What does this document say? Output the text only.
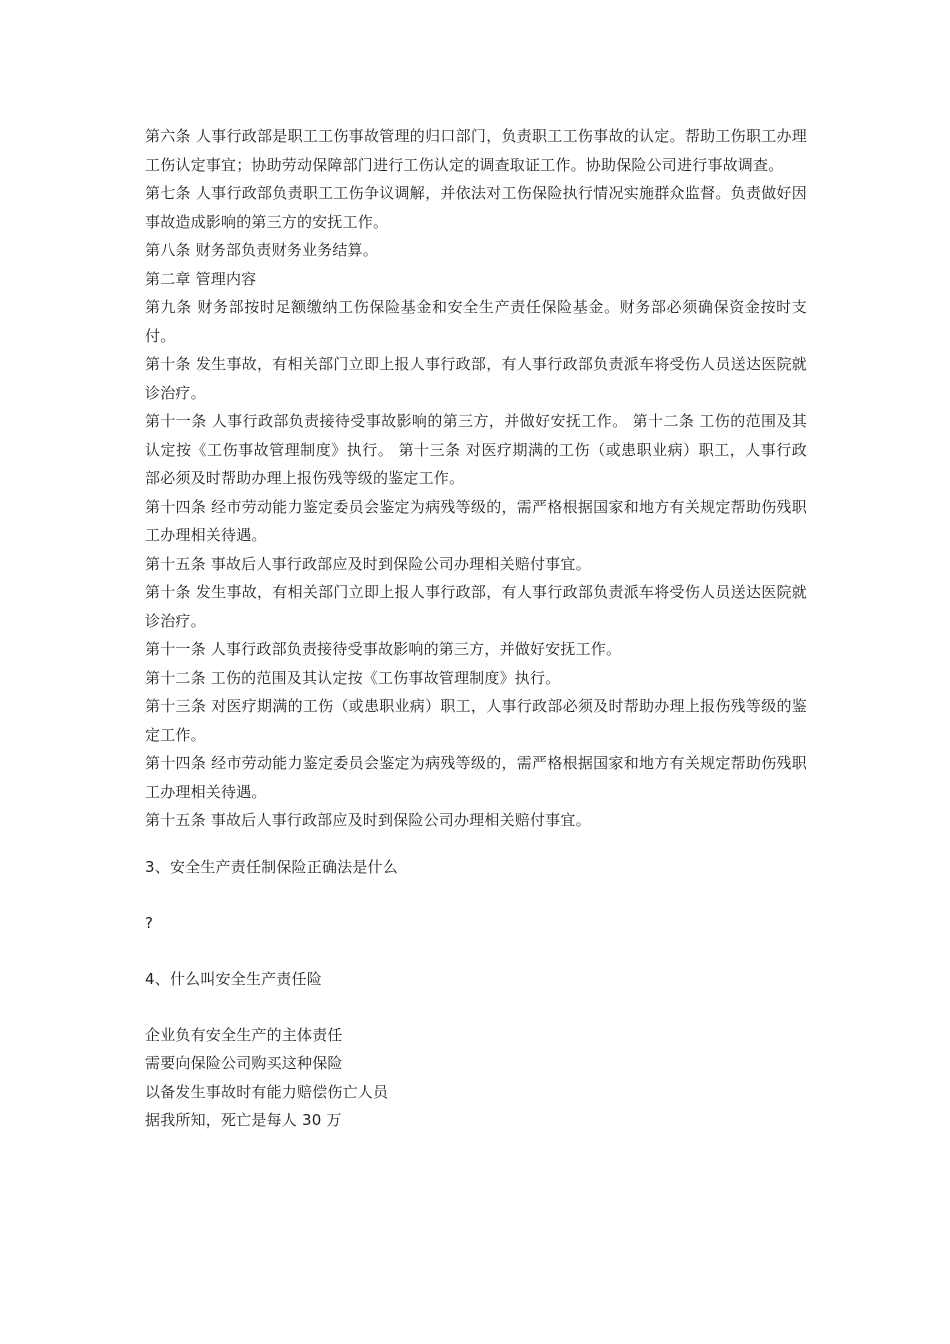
第六条 人事行政部是职工工伤事故管理的归口部门，负责职工工伤事故的认定。帮助工伤职工办理工伤认定事宜；协助劳动保障部门进行工伤认定的调查取证工作。协助保险公司进行事故调查。

第七条 人事行政部负责职工工伤争议调解，并依法对工伤保险执行情况实施群众监督。负责做好因事故造成影响的第三方的安抚工作。

第八条 财务部负责财务业务结算。

第二章 管理内容

第九条 财务部按时足额缴纳工伤保险基金和安全生产责任保险基金。财务部必须确保资金按时支付。

第十条 发生事故，有相关部门立即上报人事行政部，有人事行政部负责派车将受伤人员送达医院就诊治疗。

第十一条 人事行政部负责接待受事故影响的第三方，并做好安抚工作。 第十二条 工伤的范围及其认定按《工伤事故管理制度》执行。 第十三条 对医疗期满的工伤（或患职业病）职工，人事行政部必须及时帮助办理上报伤残等级的鉴定工作。

第十四条 经市劳动能力鉴定委员会鉴定为病残等级的，需严格根据国家和地方有关规定帮助伤残职工办理相关待遇。

第十五条 事故后人事行政部应及时到保险公司办理相关赔付事宜。

第十条 发生事故，有相关部门立即上报人事行政部，有人事行政部负责派车将受伤人员送达医院就诊治疗。

第十一条 人事行政部负责接待受事故影响的第三方，并做好安抚工作。

第十二条 工伤的范围及其认定按《工伤事故管理制度》执行。

第十三条 对医疗期满的工伤（或患职业病）职工，人事行政部必须及时帮助办理上报伤残等级的鉴定工作。

第十四条 经市劳动能力鉴定委员会鉴定为病残等级的，需严格根据国家和地方有关规定帮助伤残职工办理相关待遇。

第十五条 事故后人事行政部应及时到保险公司办理相关赔付事宜。

3、安全生产责任制保险正确法是什么

?

4、什么叫安全生产责任险

企业负有安全生产的主体责任

需要向保险公司购买这种保险

以备发生事故时有能力赔偿伤亡人员

据我所知，死亡是每人 30 万
